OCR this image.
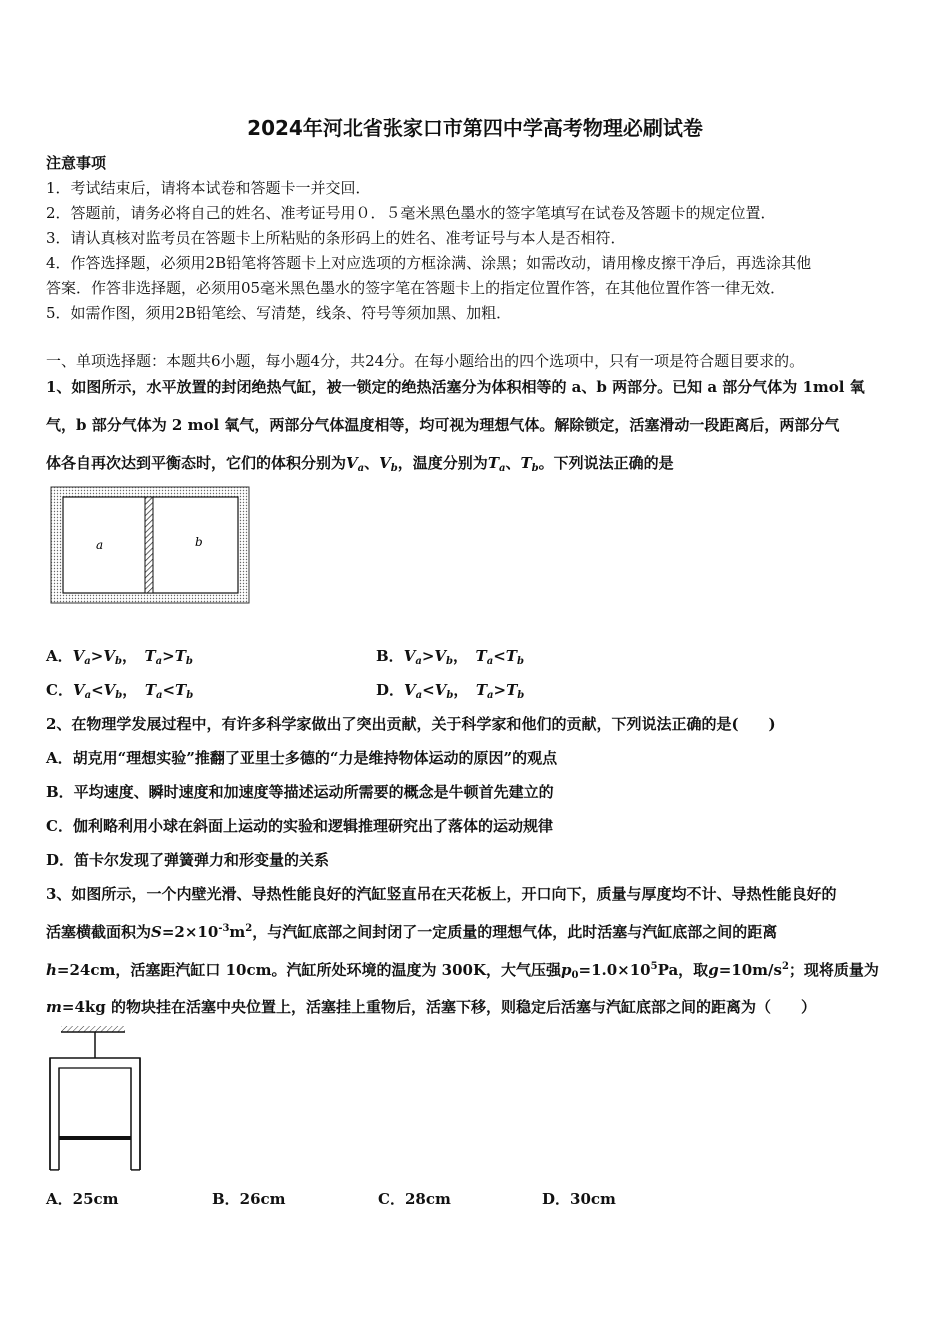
2024年河北省张家口市第四中学高考物理必刷试卷
注意事项
1．考试结束后，请将本试卷和答题卡一并交回．
2．答题前，请务必将自己的姓名、准考证号用０．５毫米黑色墨水的签字笔填写在试卷及答题卡的规定位置．
3．请认真核对监考员在答题卡上所粘贴的条形码上的姓名、准考证号与本人是否相符．
4．作答选择题，必须用2B铅笔将答题卡上对应选项的方框涂满、涂黑；如需改动，请用橡皮擦干净后，再选涂其他
答案．作答非选择题，必须用05毫米黑色墨水的签字笔在答题卡上的指定位置作答，在其他位置作答一律无效．
5．如需作图，须用2B铅笔绘、写清楚，线条、符号等须加黑、加粗．
一、单项选择题：本题共6小题，每小题4分，共24分。在每小题给出的四个选项中，只有一项是符合题目要求的。
1、如图所示，水平放置的封闭绝热气缸，被一锁定的绝热活塞分为体积相等的 a、b 两部分。已知 a 部分气体为 1mol 氧
气，b 部分气体为 2 mol 氧气，两部分气体温度相等，均可视为理想气体。解除锁定，活塞滑动一段距离后，两部分气
体各自再次达到平衡态时，它们的体积分别为$V_a$、$V_b$，温度分别为$T_a$、$T_b$。下列说法正确的是
a	b
A．$V_a>V_b$，　$T_a>T_b$	B．$V_a>V_b$，　$T_a<T_b$
C．$V_a<V_b$，　$T_a<T_b$	D．$V_a<V_b$，　$T_a>T_b$
2、在物理学发展过程中，有许多科学家做出了突出贡献，关于科学家和他们的贡献，下列说法正确的是(　　)
A．胡克用“理想实验”推翻了亚里士多德的“力是维持物体运动的原因”的观点
B．平均速度、瞬时速度和加速度等描述运动所需要的概念是牛顿首先建立的
C．伽利略利用小球在斜面上运动的实验和逻辑推理研究出了落体的运动规律
D．笛卡尔发现了弹簧弹力和形变量的关系
3、如图所示，一个内壁光滑、导热性能良好的汽缸竖直吊在天花板上，开口向下，质量与厚度均不计、导热性能良好的
活塞横截面积为$S=2\times 10^{-3}m^2$，与汽缸底部之间封闭了一定质量的理想气体，此时活塞与汽缸底部之间的距离
h=24cm，活塞距汽缸口 10cm。汽缸所处环境的温度为 300K，大气压强$p_0=1.0\times 10^5Pa$，取$g=10m/s^2$；现将质量为
m=4kg 的物块挂在活塞中央位置上，活塞挂上重物后，活塞下移，则稳定后活塞与汽缸底部之间的距离为（　　）
A．25cm	B．26cm	C．28cm	D．30cm
